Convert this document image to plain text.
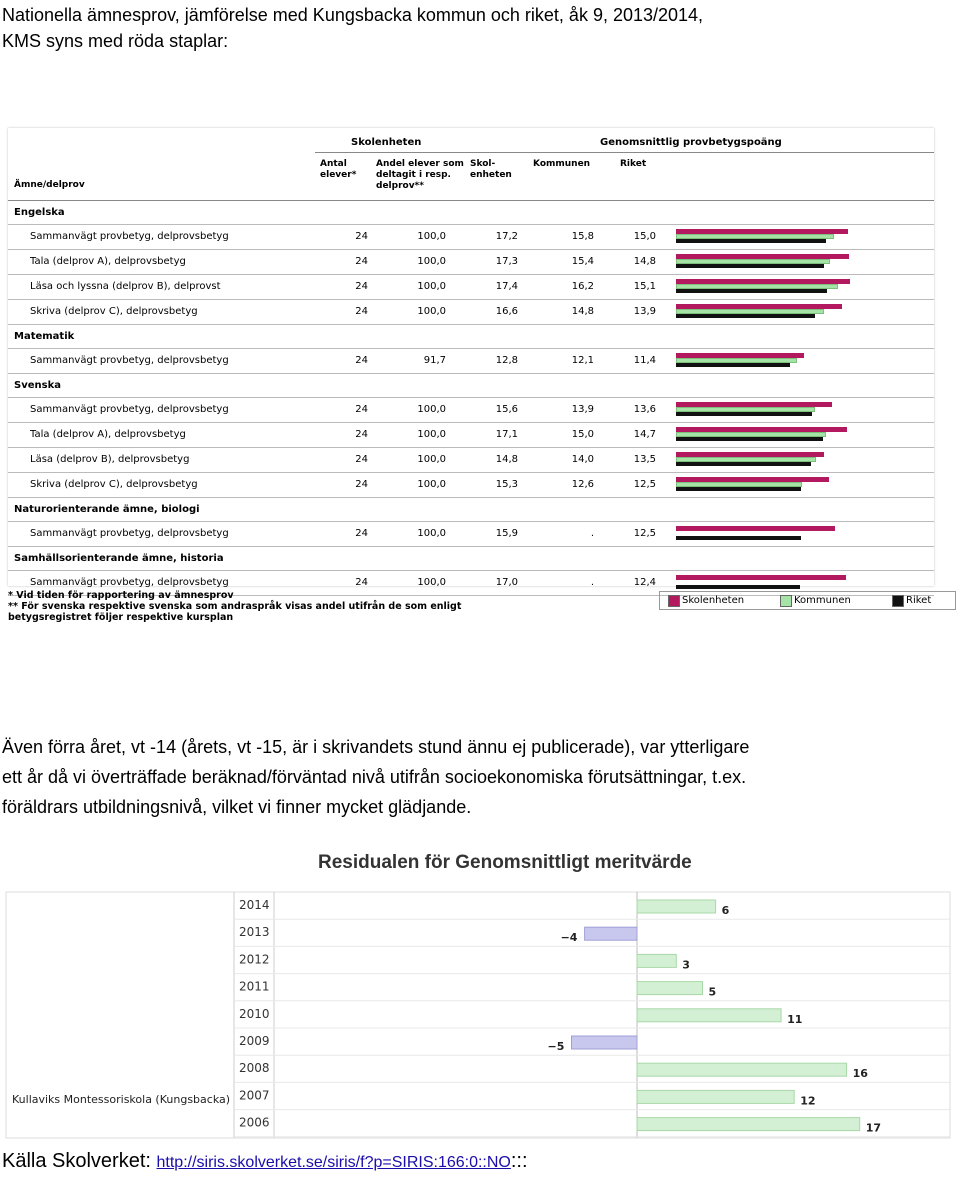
Nationella ämnesprov, jämförelse med Kungsbacka kommun och riket, åk 9, 2013/2014,
KMS syns med röda staplar:
Skolenheten	Genomsnittlig provbetygspoäng
Antal elever*
Andel elever som deltagit i resp. delprov**
Skol-enheten
Kommunen	Riket
Ämne/delprov
Engelska
Sammanvägt provbetyg, delprovsbetyg	24	100,0	17,2	15,8	15,0
Tala (delprov A), delprovsbetyg	24	100,0	17,3	15,4	14,8
Läsa och lyssna (delprov B), delprovst	24	100,0	17,4	16,2	15,1
Skriva (delprov C), delprovsbetyg	24	100,0	16,6	14,8	13,9
Matematik
Sammanvägt provbetyg, delprovsbetyg	24	91,7	12,8	12,1	11,4
Svenska
Sammanvägt provbetyg, delprovsbetyg	24	100,0	15,6	13,9	13,6
Tala (delprov A), delprovsbetyg	24	100,0	17,1	15,0	14,7
Läsa (delprov B), delprovsbetyg	24	100,0	14,8	14,0	13,5
Skriva (delprov C), delprovsbetyg	24	100,0	15,3	12,6	12,5
Naturorienterande ämne, biologi
Sammanvägt provbetyg, delprovsbetyg	24	100,0	15,9	.	12,5
Samhällsorienterande ämne, historia
Sammanvägt provbetyg, delprovsbetyg	24	100,0	17,0	.	12,4
* Vid tiden för rapportering av ämnesprov
** För svenska respektive svenska som andraspråk visas andel utifrån de som enligt
betygsregistret följer respektive kursplan
Skolenheten	Kommunen	Riket
Även förra året, vt -14 (årets, vt -15, är i skrivandets stund ännu ej publicerade), var ytterligare
ett år då vi överträffade beräknad/förväntad nivå utifrån socioekonomiska förutsättningar, t.ex.
föräldrars utbildningsnivå, vilket vi finner mycket glädjande.
Residualen för Genomsnittligt meritvärde
2014	6
2013	−4
2012	3
2011	5
2010	11
2009	−5
2008	16
2007	12
2006	17
Kullaviks Montessoriskola (Kungsbacka)
Källa Skolverket: http://siris.skolverket.se/siris/f?p=SIRIS:166:0::NO:::
